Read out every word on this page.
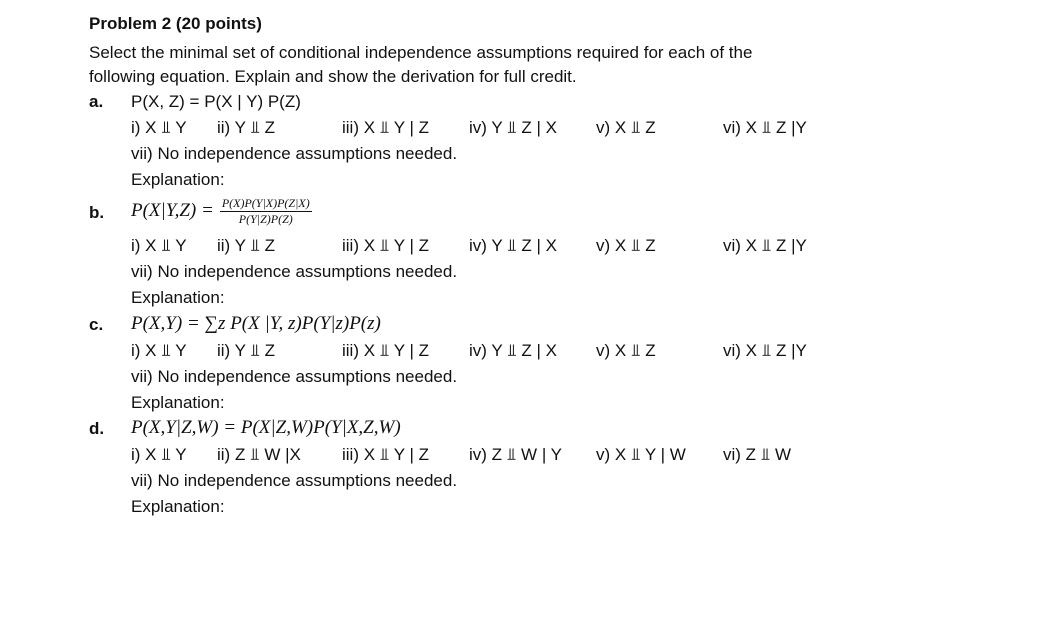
Problem 2 (20 points)
Select the minimal set of conditional independence assumptions required for each of the
following equation. Explain and show the derivation for full credit.
a. P(X, Z) = P(X | Y) P(Z)
i) X ⫫ Y ii) Y ⫫ Z	iii) X ⫫ Y | Z iv) Y ⫫ Z | X v) X ⫫ Z	vi) X ⫫ Z |Y
vii) No independence assumptions needed.
Explanation:
b. $P(X|Y,Z) = \frac{P(X)P(Y|X)P(Z|X)}{P(Y|Z)P(Z)}$
i) X ⫫ Y ii) Y ⫫ Z	iii) X ⫫ Y | Z iv) Y ⫫ Z | X v) X ⫫ Z	vi) X ⫫ Z |Y
vii) No independence assumptions needed.
Explanation:
c. P(X,Y) = ∑z P(X |Y, z)P(Y|z)P(z)
i) X ⫫ Y ii) Y ⫫ Z	iii) X ⫫ Y | Z iv) Y ⫫ Z | X v) X ⫫ Z	vi) X ⫫ Z |Y
vii) No independence assumptions needed.
Explanation:
d. P(X,Y|Z,W) = P(X|Z,W)P(Y|X,Z,W)
i) X ⫫ Y ii) Z ⫫ W |X iii) X ⫫ Y | Z iv) Z ⫫ W | Y v) X ⫫ Y | W vi) Z ⫫ W
vii) No independence assumptions needed.
Explanation:
